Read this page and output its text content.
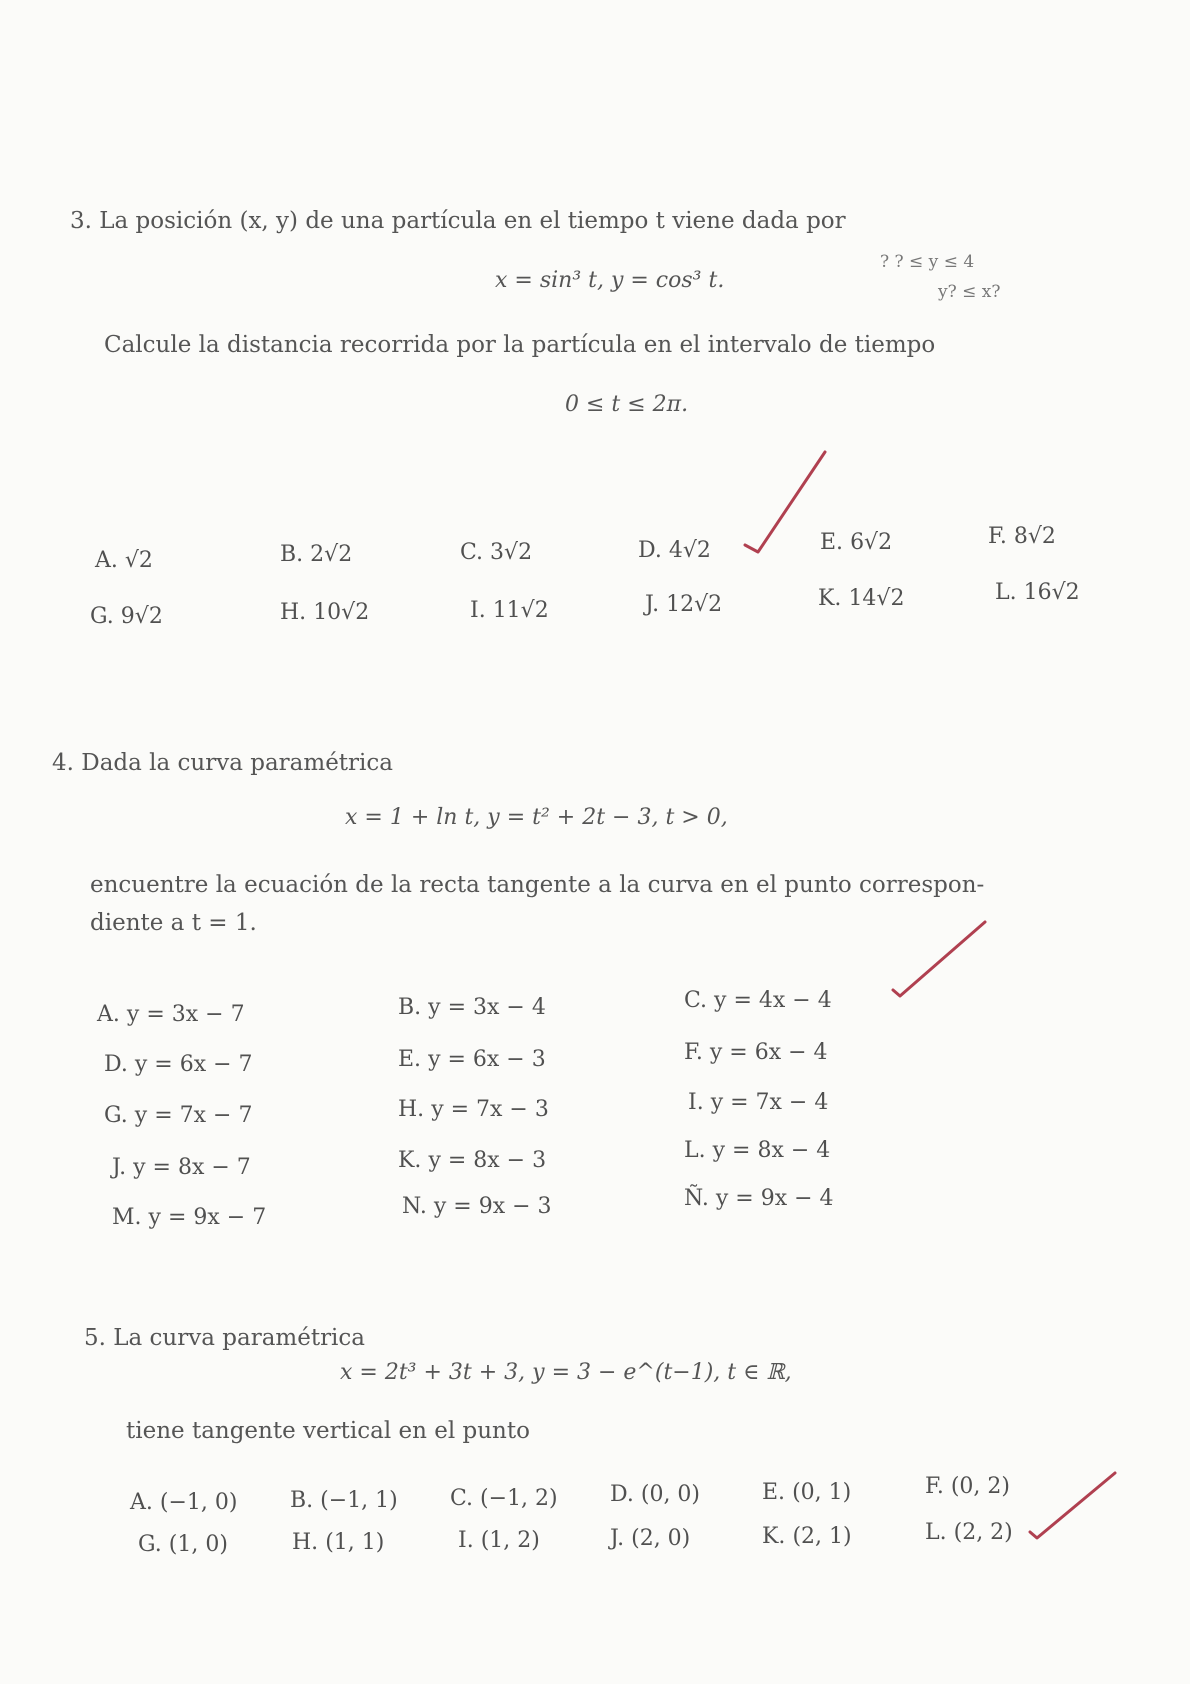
3. La posición (x, y) de una partícula en el tiempo t viene dada por
x = sin³ t, y = cos³ t.
? ? ≤ y ≤ 4
y? ≤ x?
Calcule la distancia recorrida por la partícula en el intervalo de tiempo
0 ≤ t ≤ 2π.
A. √2	B. 2√2	C. 3√2	D. 4√2	E. 6√2	F. 8√2
G. 9√2	H. 10√2	I. 11√2	J. 12√2	K. 14√2	L. 16√2
4. Dada la curva paramétrica
x = 1 + ln t, y = t² + 2t − 3, t > 0,
encuentre la ecuación de la recta tangente a la curva en el punto correspon-
diente a t = 1.
A. y = 3x − 7	B. y = 3x − 4	C. y = 4x − 4
D. y = 6x − 7	E. y = 6x − 3	F. y = 6x − 4
G. y = 7x − 7	H. y = 7x − 3	I. y = 7x − 4
J. y = 8x − 7	K. y = 8x − 3	L. y = 8x − 4
M. y = 9x − 7	N. y = 9x − 3	Ñ. y = 9x − 4
5. La curva paramétrica
x = 2t³ + 3t + 3, y = 3 − e^(t−1), t ∈ ℝ,
tiene tangente vertical en el punto
A. (−1, 0) B. (−1, 1) C. (−1, 2) D. (0, 0)	E. (0, 1)	F. (0, 2)
G. (1, 0)	H. (1, 1)	I. (1, 2)	J. (2, 0)	K. (2, 1)	L. (2, 2)
